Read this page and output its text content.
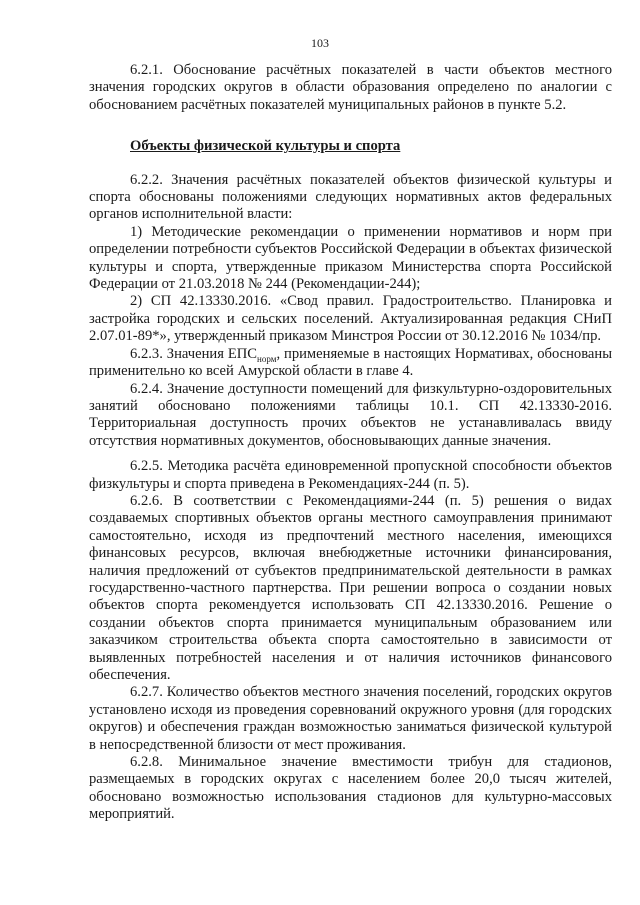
103

6.2.1. Обоснование расчётных показателей в части объектов местного значения городских округов в области образования определено по аналогии с обоснованием расчётных показателей муниципальных районов в пункте 5.2.

Объекты физической культуры и спорта

6.2.2. Значения расчётных показателей объектов физической культуры и спорта обоснованы положениями следующих нормативных актов федеральных органов исполнительной власти:

1) Методические рекомендации о применении нормативов и норм при определении потребности субъектов Российской Федерации в объектах физической культуры и спорта, утвержденные приказом Министерства спорта Российской Федерации от 21.03.2018 № 244 (Рекомендации-244);

2) СП 42.13330.2016. «Свод правил. Градостроительство. Планировка и застройка городских и сельских поселений. Актуализированная редакция СНиП 2.07.01-89*», утвержденный приказом Минстроя России от 30.12.2016 № 1034/пр.

6.2.3. Значения $ЕПС_{норм}$, применяемые в настоящих Нормативах, обоснованы применительно ко всей Амурской области в главе 4.

6.2.4. Значение доступности помещений для физкультурно-оздоровительных занятий обосновано положениями таблицы 10.1. СП 42.13330-2016. Территориальная доступность прочих объектов не устанавливалась ввиду отсутствия нормативных документов, обосновывающих данные значения.

6.2.5. Методика расчёта единовременной пропускной способности объектов физкультуры и спорта приведена в Рекомендациях-244 (п. 5).

6.2.6. В соответствии с Рекомендациями-244 (п. 5) решения о видах создаваемых спортивных объектов органы местного самоуправления принимают самостоятельно, исходя из предпочтений местного населения, имеющихся финансовых ресурсов, включая внебюджетные источники финансирования, наличия предложений от субъектов предпринимательской деятельности в рамках государственно-частного партнерства. При решении вопроса о создании новых объектов спорта рекомендуется использовать СП 42.13330.2016. Решение о создании объектов спорта принимается муниципальным образованием или заказчиком строительства объекта спорта самостоятельно в зависимости от выявленных потребностей населения и от наличия источников финансового обеспечения.

6.2.7. Количество объектов местного значения поселений, городских округов установлено исходя из проведения соревнований окружного уровня (для городских округов) и обеспечения граждан возможностью заниматься физической культурой в непосредственной близости от мест проживания.

6.2.8. Минимальное значение вместимости трибун для стадионов, размещаемых в городских округах с населением более 20,0 тысяч жителей, обосновано возможностью использования стадионов для культурно-массовых мероприятий.
